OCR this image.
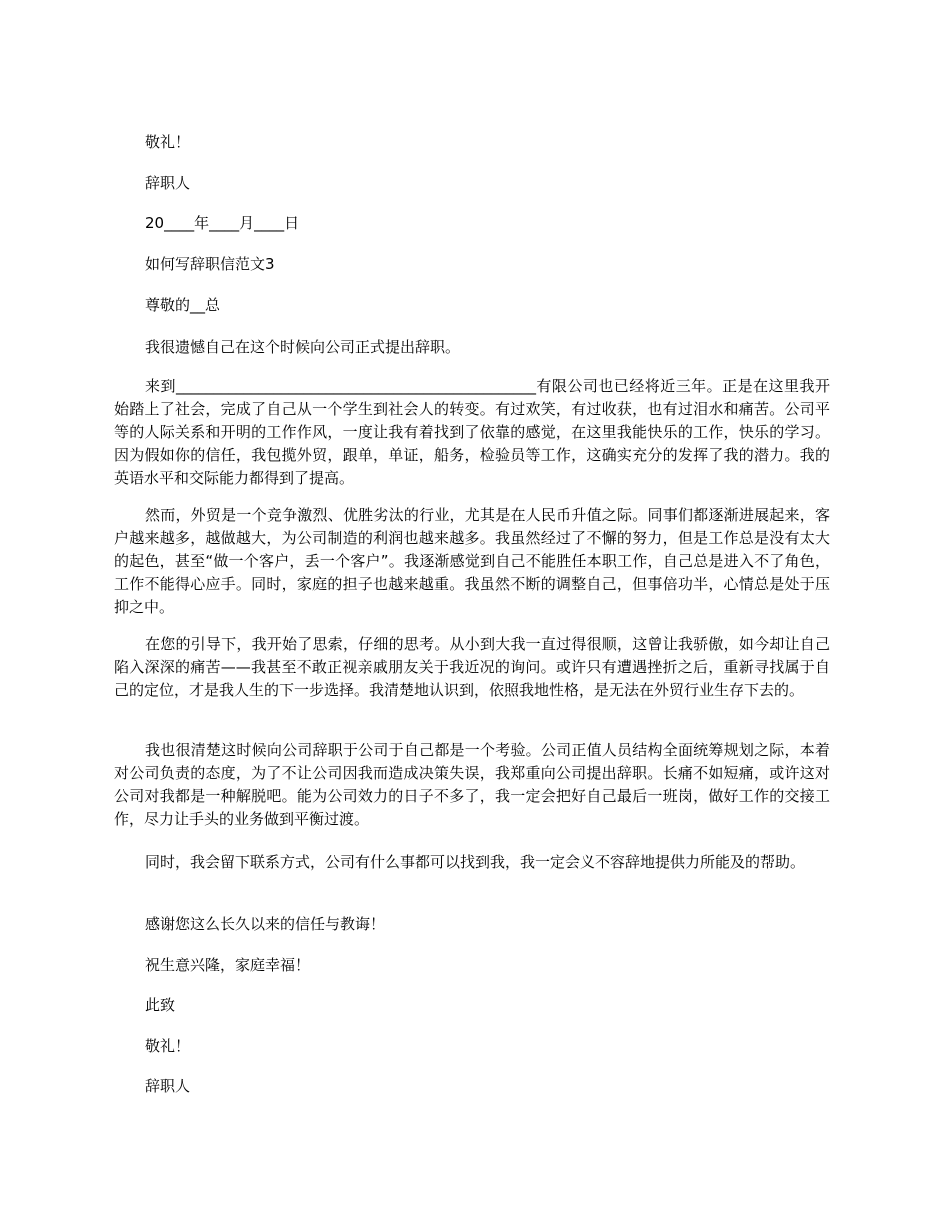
敬礼！
辞职人
20____年____月____日
如何写辞职信范文3
尊敬的__总
我很遗憾自己在这个时候向公司正式提出辞职。
来到________________________________________________有限公司也已经将近三年。正是在这里我开始踏上了社会，完成了自己从一个学生到社会人的转变。有过欢笑，有过收获，也有过泪水和痛苦。公司平等的人际关系和开明的工作作风，一度让我有着找到了依靠的感觉，在这里我能快乐的工作，快乐的学习。因为假如你的信任，我包揽外贸，跟单，单证，船务，检验员等工作，这确实充分的发挥了我的潜力。我的英语水平和交际能力都得到了提高。
然而，外贸是一个竞争激烈、优胜劣汰的行业，尤其是在人民币升值之际。同事们都逐渐进展起来，客户越来越多，越做越大，为公司制造的利润也越来越多。我虽然经过了不懈的努力，但是工作总是没有太大的起色，甚至“做一个客户，丢一个客户”。我逐渐感觉到自己不能胜任本职工作，自己总是进入不了角色，工作不能得心应手。同时，家庭的担子也越来越重。我虽然不断的调整自己，但事倍功半，心情总是处于压抑之中。
在您的引导下，我开始了思索，仔细的思考。从小到大我一直过得很顺，这曾让我骄傲，如今却让自己陷入深深的痛苦——我甚至不敢正视亲戚朋友关于我近况的询问。或许只有遭遇挫折之后，重新寻找属于自己的定位，才是我人生的下一步选择。我清楚地认识到，依照我地性格，是无法在外贸行业生存下去的。
我也很清楚这时候向公司辞职于公司于自己都是一个考验。公司正值人员结构全面统筹规划之际，本着对公司负责的态度，为了不让公司因我而造成决策失误，我郑重向公司提出辞职。长痛不如短痛，或许这对公司对我都是一种解脱吧。能为公司效力的日子不多了，我一定会把好自己最后一班岗，做好工作的交接工作，尽力让手头的业务做到平衡过渡。
同时，我会留下联系方式，公司有什么事都可以找到我，我一定会义不容辞地提供力所能及的帮助。
感谢您这么长久以来的信任与教诲！
祝生意兴隆，家庭幸福！
此致
敬礼！
辞职人
